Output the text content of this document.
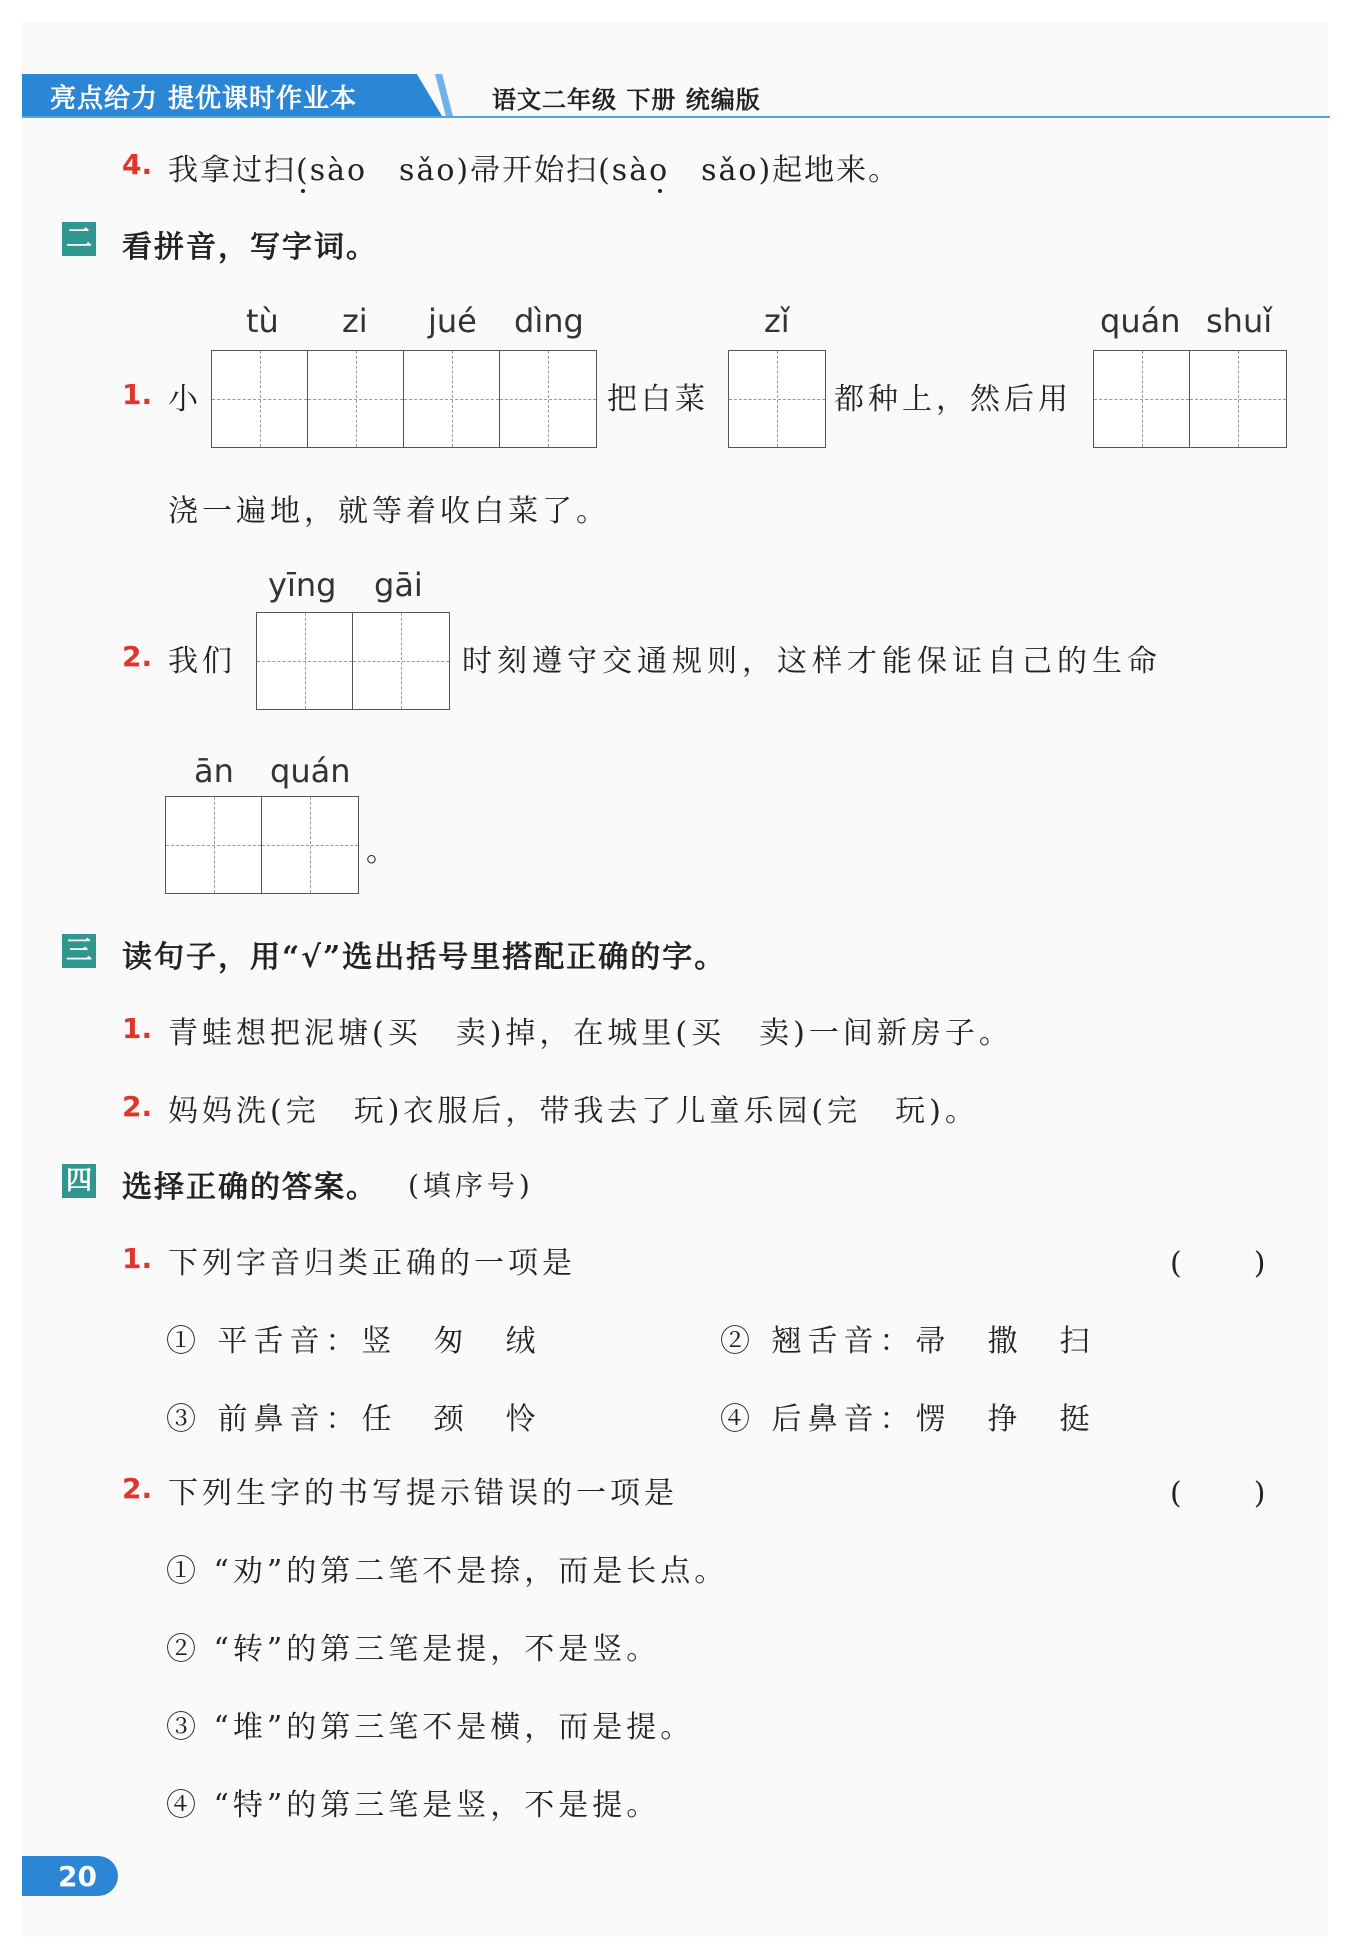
亮点给力 提优课时作业本	语文二年级 下册 统编版
4. 我拿过扫(sào　sǎo)帚开始扫(sào　sǎo)起地来。
二 看拼音，写字词。
tù zi jué dìng	zǐ	quán shuǐ
1. 小	把白菜	都种上，然后用
浇一遍地，就等着收白菜了。
yīng gāi
2. 我们	时刻遵守交通规则，这样才能保证自己的生命
ān quán
。
三 读句子，用“√”选出括号里搭配正确的字。
1. 青蛙想把泥塘(买　卖)掉，在城里(买　卖)一间新房子。
2. 妈妈洗(完　玩)衣服后，带我去了儿童乐园(完　玩)。
四 选择正确的答案。 (填序号)
1. 下列字音归类正确的一项是	(　　)
① 平舌音：竖　匆　绒	② 翘舌音：帚　撒　扫
③ 前鼻音：任　颈　怜	④ 后鼻音：愣　挣　挺
2. 下列生字的书写提示错误的一项是	(　　)
① “劝”的第二笔不是捺，而是长点。
② “转”的第三笔是提，不是竖。
③ “堆”的第三笔不是横，而是提。
④ “特”的第三笔是竖，不是提。
20
